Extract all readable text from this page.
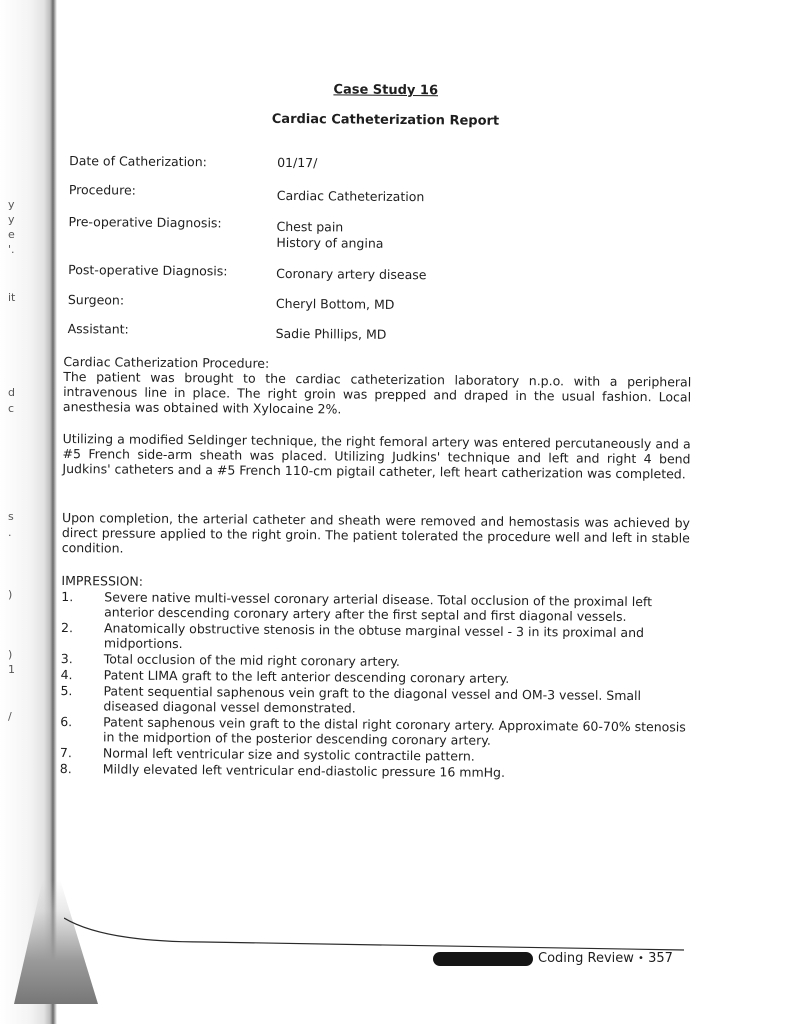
y
y
e
'.
it
d
c
s
.
)
)
1
/
Case Study 16
Cardiac Catheterization Report
Date of Catherization:	01/17/
Procedure:	Cardiac Catheterization
Pre-operative Diagnosis:	Chest pain
History of angina
Post-operative Diagnosis:	Coronary artery disease
Surgeon:	Cheryl Bottom, MD
Assistant:	Sadie Phillips, MD
Cardiac Catherization Procedure:
The patient was brought to the cardiac catheterization laboratory n.p.o. with a peripheral intravenous line in place. The right groin was prepped and draped in the usual fashion. Local anesthesia was obtained with Xylocaine 2%.
Utilizing a modified Seldinger technique, the right femoral artery was entered percutaneously and a #5 French side-arm sheath was placed. Utilizing Judkins' technique and left and right 4 bend Judkins' catheters and a #5 French 110-cm pigtail catheter, left heart catherization was completed.
Upon completion, the arterial catheter and sheath were removed and hemostasis was achieved by direct pressure applied to the right groin. The patient tolerated the procedure well and left in stable condition.
IMPRESSION:
1.	Severe native multi-vessel coronary arterial disease. Total occlusion of the proximal left anterior descending coronary artery after the first septal and first diagonal vessels.
2.	Anatomically obstructive stenosis in the obtuse marginal vessel - 3 in its proximal and midportions.
3.	Total occlusion of the mid right coronary artery.
4.	Patent LIMA graft to the left anterior descending coronary artery.
5.	Patent sequential saphenous vein graft to the diagonal vessel and OM-3 vessel. Small diseased diagonal vessel demonstrated.
6.	Patent saphenous vein graft to the distal right coronary artery. Approximate 60-70% stenosis in the midportion of the posterior descending coronary artery.
7.	Normal left ventricular size and systolic contractile pattern.
8.	Mildly elevated left ventricular end-diastolic pressure 16 mmHg.
Coding Review • 357
